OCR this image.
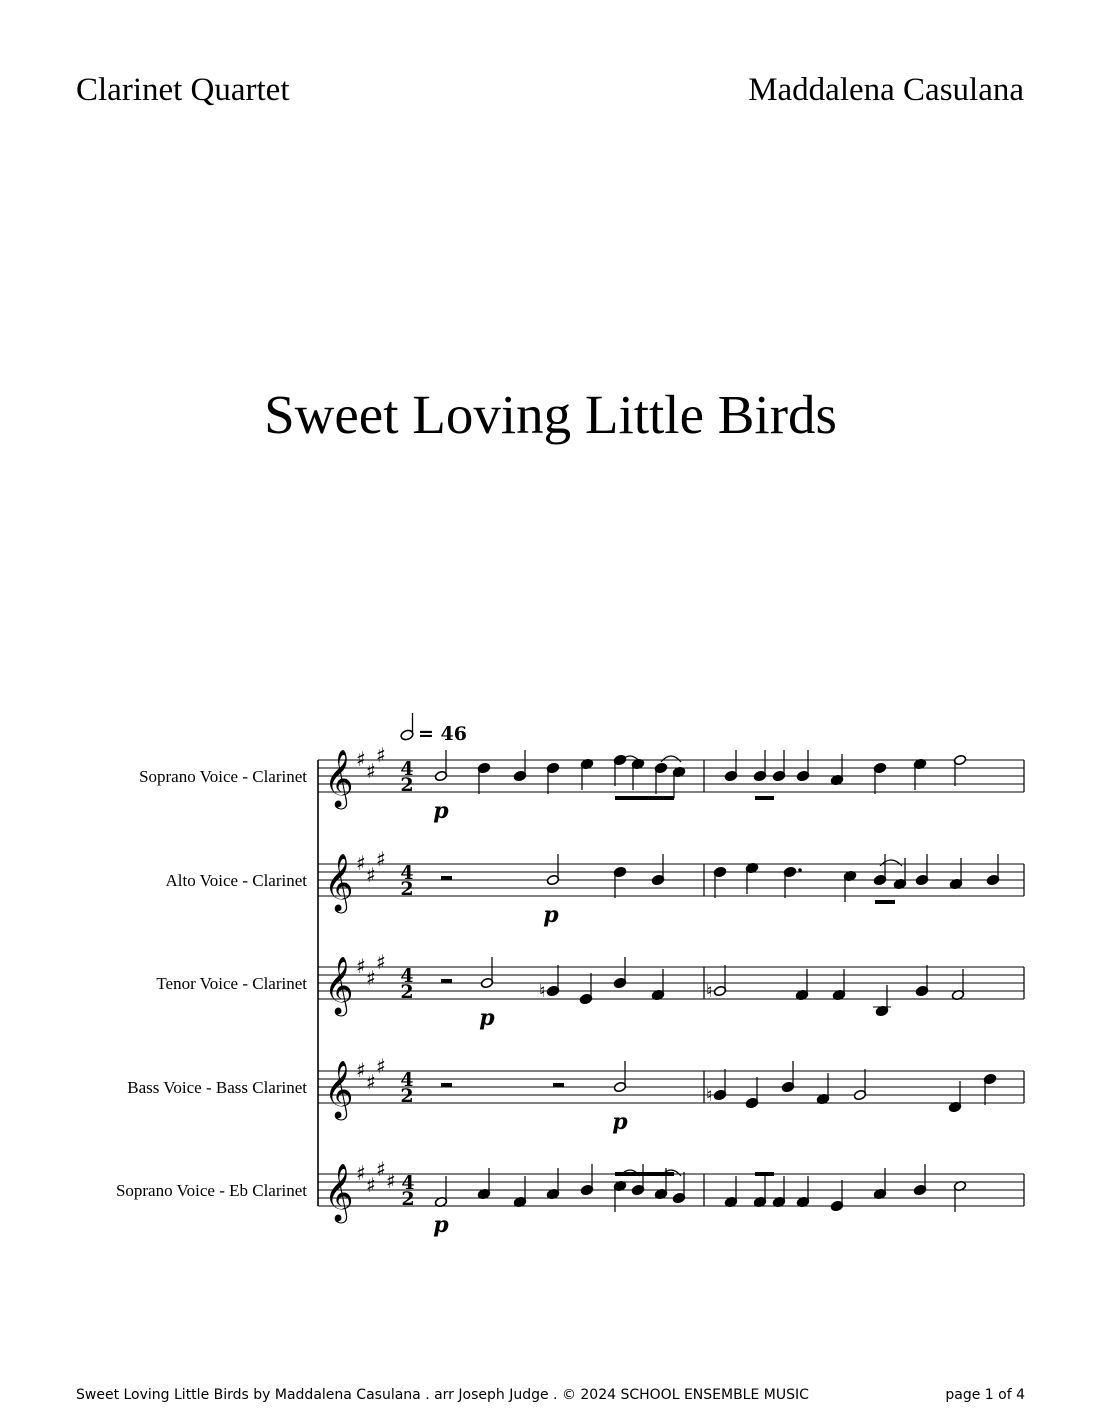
Clarinet Quartet	Maddalena Casulana
Sweet Loving Little Birds
= 46
Soprano Voice - Clarinet 𝄞 ♯ ♯
♯
4
2
p
Alto Voice - Clarinet 𝄞 ♯ ♯
♯
4
2
p
Tenor Voice - Clarinet 𝄞 ♯ ♯
♯
4
2	♮	♮
p
Bass Voice - Bass Clarinet 𝄞 ♯ ♯
♯
4
2	♮
p
Soprano Voice - Eb Clarinet 𝄞 ♯ ♯
♯ ♯ 4
2
p
Sweet Loving Little Birds by Maddalena Casulana . arr Joseph Judge . © 2024 SCHOOL ENSEMBLE MUSIC	page 1 of 4
